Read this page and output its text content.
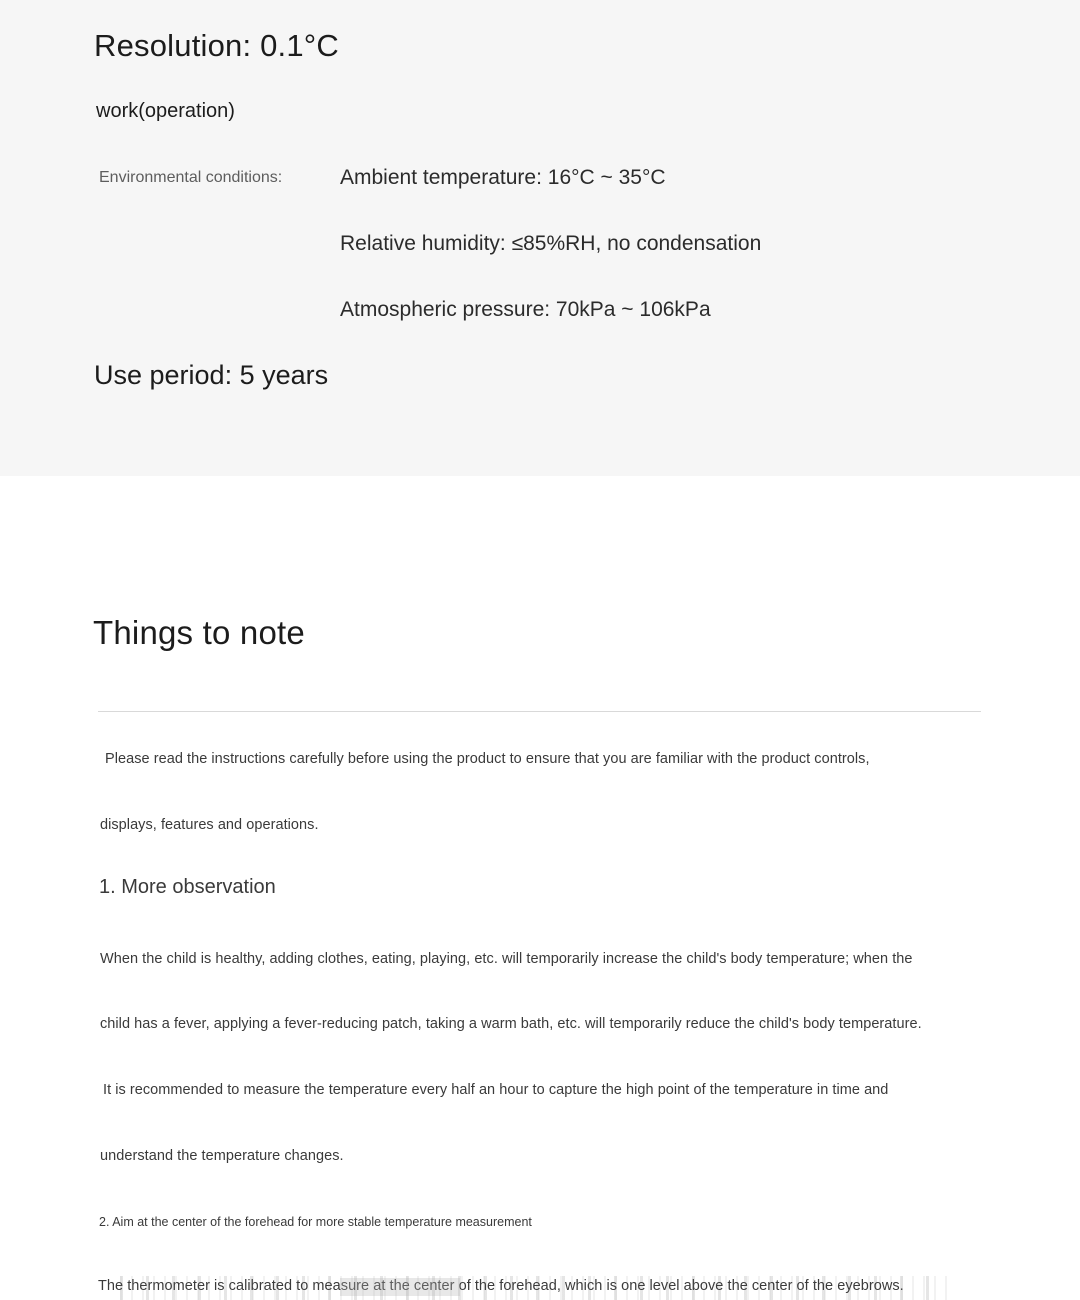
Resolution: 0.1°C
work(operation)
Environmental conditions:	Ambient temperature: 16°C ~ 35°C
Relative humidity: ≤85%RH, no condensation
Atmospheric pressure: 70kPa ~ 106kPa
Use period: 5 years
Things to note
Please read the instructions carefully before using the product to ensure that you are familiar with the product controls,
displays, features and operations.
1. More observation
When the child is healthy, adding clothes, eating, playing, etc. will temporarily increase the child's body temperature; when the
child has a fever, applying a fever-reducing patch, taking a warm bath, etc. will temporarily reduce the child's body temperature.
It is recommended to measure the temperature every half an hour to capture the high point of the temperature in time and
understand the temperature changes.
2. Aim at the center of the forehead for more stable temperature measurement
The thermometer is calibrated to measure at the center of the forehead, which is one level above the center of the eyebrows.
